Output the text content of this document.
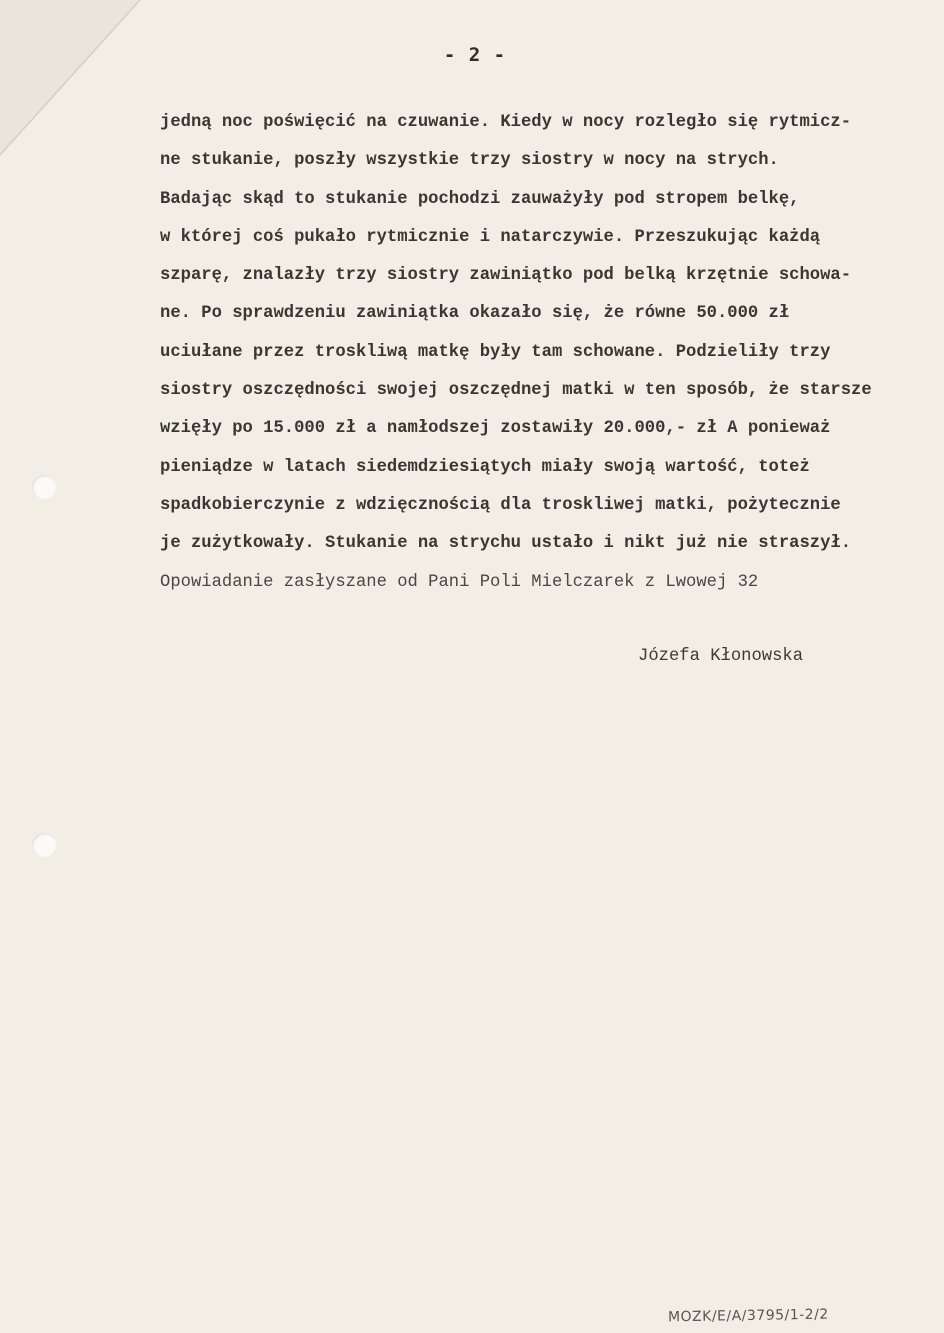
- 2 -
jedną noc poświęcić na czuwanie. Kiedy w nocy rozległo się rytmicz-
ne stukanie, poszły wszystkie trzy siostry w nocy na strych.
Badając skąd to stukanie pochodzi zauważyły pod stropem belkę,
w której coś pukało rytmicznie i natarczywie. Przeszukując każdą
szparę, znalazły trzy siostry zawiniątko pod belką krzętnie schowa-
ne. Po sprawdzeniu zawiniątka okazało się, że równe 50.000 zł
uciułane przez troskliwą matkę były tam schowane. Podzieliły trzy
siostry oszczędności swojej oszczędnej matki w ten sposób, że starsze
wzięły po 15.000 zł a namłodszej zostawiły 20.000,- zł A ponieważ
pieniądze w latach siedemdziesiątych miały swoją wartość, toteż
spadkobierczynie z wdzięcznością dla troskliwej matki, pożytecznie
je zużytkowały. Stukanie na strychu ustało i nikt już nie straszył.
Opowiadanie zasłyszane od Pani Poli Mielczarek z Lwowej 32
Józefa Kłonowska
MOZK/E/A/3795/1-2/2
